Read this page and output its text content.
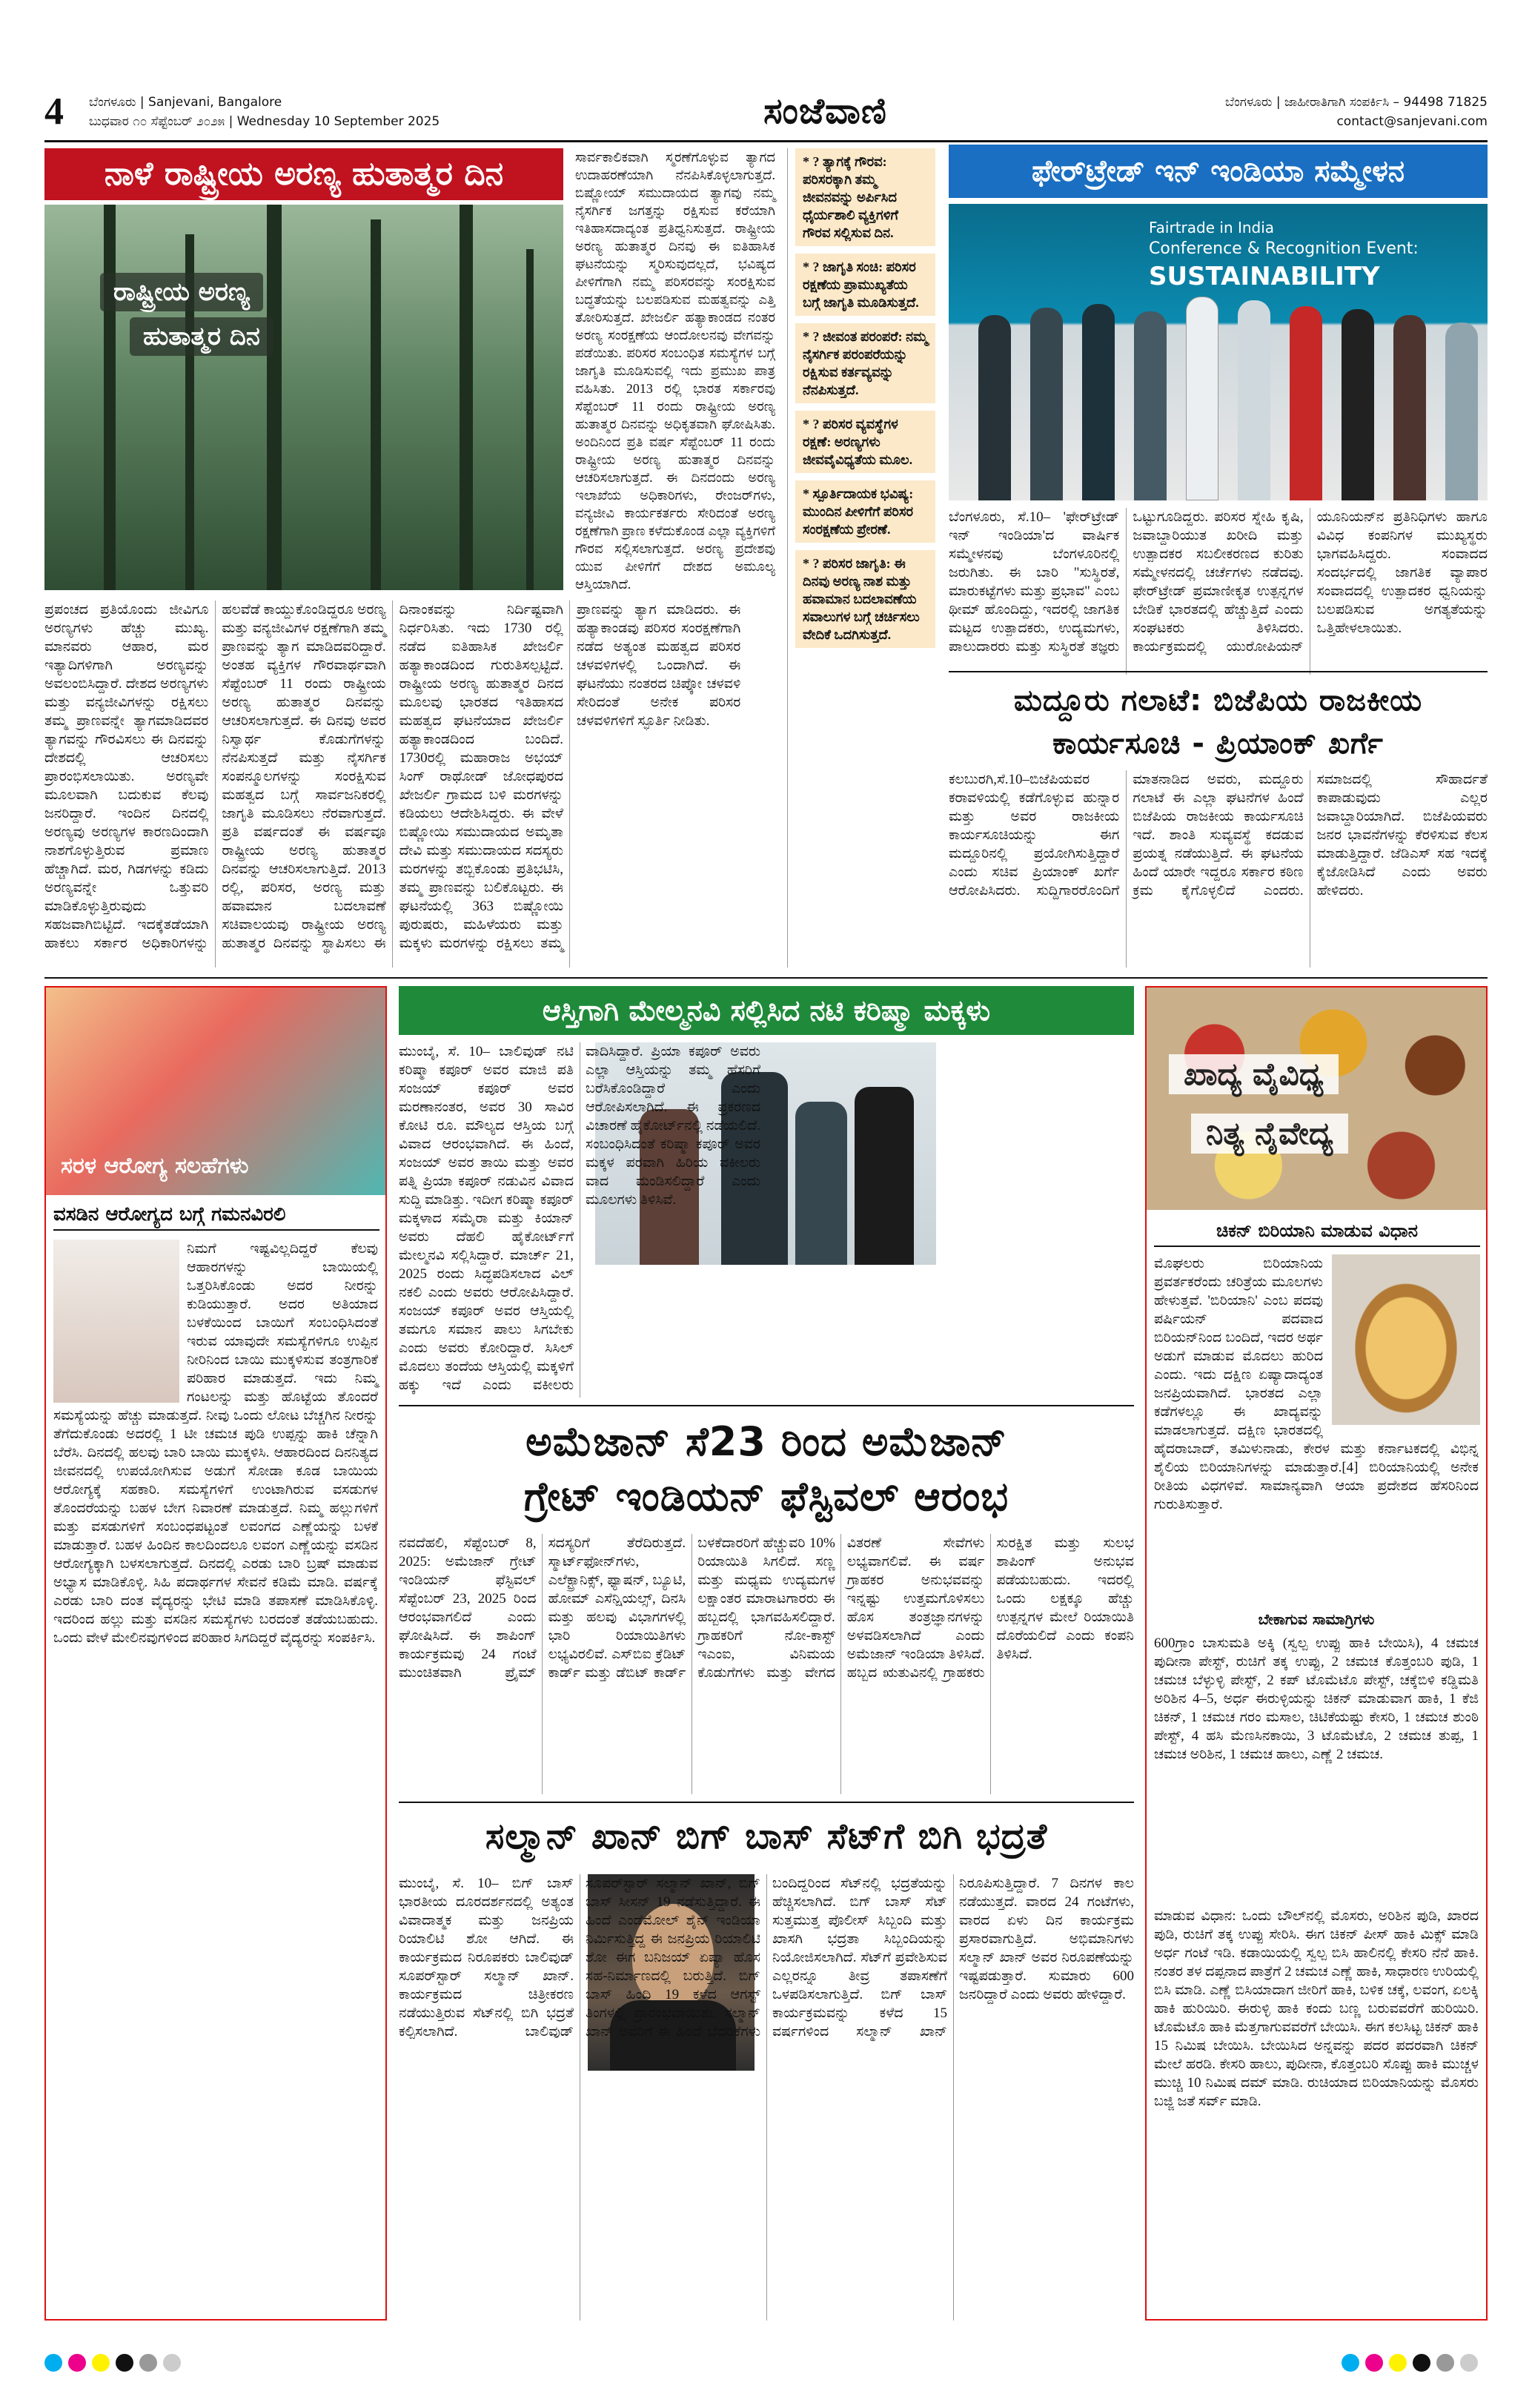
4	ಬೆಂಗಳೂರು | Sanjevani, Bangalore
ಬುಧವಾರ ೧೦ ಸೆಪ್ಟೆಂಬರ್ ೨೦೨೫ | Wednesday 10 September 2025	ಸಂಜೆವಾಣಿ	ಬೆಂಗಳೂರು | ಜಾಹೀರಾತಿಗಾಗಿ ಸಂಪರ್ಕಿಸಿ – 94498 71825
contact@sanjevani.com
ನಾಳೆ ರಾಷ್ಟ್ರೀಯ ಅರಣ್ಯ ಹುತಾತ್ಮರ ದಿನ
ರಾಷ್ಟ್ರೀಯ ಅರಣ್ಯ
ಹುತಾತ್ಮರ ದಿನ
ಪ್ರಪಂಚದ ಪ್ರತಿಯೊಂದು ಜೀವಿಗೂ ಅರಣ್ಯಗಳು ಹೆಚ್ಚು ಮುಖ್ಯ. ಮಾನವರು ಆಹಾರ, ಮರ ಇತ್ಯಾದಿಗಳಿಗಾಗಿ ಅರಣ್ಯವನ್ನು ಅವಲಂಬಿಸಿದ್ದಾರೆ. ದೇಶದ ಅರಣ್ಯಗಳು ಮತ್ತು ವನ್ಯಜೀವಿಗಳನ್ನು ರಕ್ಷಿಸಲು ತಮ್ಮ ಪ್ರಾಣವನ್ನೇ ತ್ಯಾಗಮಾಡಿದವರ ತ್ಯಾಗವನ್ನು ಗೌರವಿಸಲು ಈ ದಿನವನ್ನು ದೇಶದಲ್ಲಿ ಆಚರಿಸಲು ಪ್ರಾರಂಭಿಸಲಾಯಿತು. ಅರಣ್ಯವೇ ಮೂಲವಾಗಿ ಬದುಕುವ ಕೆಲವು ಜನರಿದ್ದಾರೆ. ಇಂದಿನ ದಿನದಲ್ಲಿ ಅರಣ್ಯವು ಅರಣ್ಯಗಳ ಕಾರಣದಿಂದಾಗಿ ನಾಶಗೊಳ್ಳುತ್ತಿರುವ ಪ್ರಮಾಣ ಹೆಚ್ಚಾಗಿದೆ. ಮರ, ಗಿಡಗಳನ್ನು ಕಡಿದು ಅರಣ್ಯವನ್ನೇ ಒತ್ತುವರಿ ಮಾಡಿಕೊಳ್ಳುತ್ತಿರುವುದು ಸಹಜವಾಗಿಬಿಟ್ಟಿದೆ. ಇದಕ್ಕೆತಡೆಯಾಗಿ ಹಾಕಲು ಸರ್ಕಾರ ಅಧಿಕಾರಿಗಳನ್ನು ಹಲವೆಡೆ ಕಾಯ್ದುಕೊಂಡಿದ್ದರೂ ಅರಣ್ಯ ಮತ್ತು ವನ್ಯಜೀವಿಗಳ ರಕ್ಷಣೆಗಾಗಿ ತಮ್ಮ ಪ್ರಾಣವನ್ನು ತ್ಯಾಗ ಮಾಡಿದವರಿದ್ದಾರೆ. ಅಂತಹ ವ್ಯಕ್ತಿಗಳ ಗೌರವಾರ್ಥವಾಗಿ ಸೆಪ್ಟೆಂಬರ್ 11 ರಂದು ರಾಷ್ಟ್ರೀಯ ಅರಣ್ಯ ಹುತಾತ್ಮರ ದಿನವನ್ನು ಆಚರಿಸಲಾಗುತ್ತದೆ. ಈ ದಿನವು ಅವರ ನಿಸ್ವಾರ್ಥ ಕೊಡುಗೆಗಳನ್ನು ನೆನಪಿಸುತ್ತದೆ ಮತ್ತು ನೈಸರ್ಗಿಕ ಸಂಪನ್ಮೂಲಗಳನ್ನು ಸಂರಕ್ಷಿಸುವ ಮಹತ್ವದ ಬಗ್ಗೆ ಸಾರ್ವಜನಿಕರಲ್ಲಿ ಜಾಗೃತಿ ಮೂಡಿಸಲು ನೆರವಾಗುತ್ತದೆ. ಪ್ರತಿ ವರ್ಷದಂತೆ ಈ ವರ್ಷವೂ ರಾಷ್ಟ್ರೀಯ ಅರಣ್ಯ ಹುತಾತ್ಮರ ದಿನವನ್ನು ಆಚರಿಸಲಾಗುತ್ತಿದೆ. 2013 ರಲ್ಲಿ, ಪರಿಸರ, ಅರಣ್ಯ ಮತ್ತು ಹವಾಮಾನ ಬದಲಾವಣೆ ಸಚಿವಾಲಯವು ರಾಷ್ಟ್ರೀಯ ಅರಣ್ಯ ಹುತಾತ್ಮರ ದಿನವನ್ನು ಸ್ಥಾಪಿಸಲು ಈ ದಿನಾಂಕವನ್ನು ನಿರ್ದಿಷ್ಟವಾಗಿ ನಿರ್ಧರಿಸಿತು. ಇದು 1730 ರಲ್ಲಿ ನಡೆದ ಐತಿಹಾಸಿಕ ಖೇಜರ್ಲಿ ಹತ್ಯಾಕಾಂಡದಿಂದ ಗುರುತಿಸಲ್ಪಟ್ಟಿದೆ. ರಾಷ್ಟ್ರೀಯ ಅರಣ್ಯ ಹುತಾತ್ಮರ ದಿನದ ಮೂಲವು ಭಾರತದ ಇತಿಹಾಸದ ಮಹತ್ವದ ಘಟನೆಯಾದ ಖೇಜರ್ಲಿ ಹತ್ಯಾಕಾಂಡದಿಂದ ಬಂದಿದೆ. 1730ರಲ್ಲಿ ಮಹಾರಾಜ ಅಭಯ್ ಸಿಂಗ್ ರಾಥೋಡ್ ಜೋಧಪುರದ ಖೇಜರ್ಲಿ ಗ್ರಾಮದ ಬಳಿ ಮರಗಳನ್ನು ಕಡಿಯಲು ಆದೇಶಿಸಿದ್ದರು. ಈ ವೇಳೆ ಬಿಷ್ಣೋಯಿ ಸಮುದಾಯದ ಅಮೃತಾ ದೇವಿ ಮತ್ತು ಸಮುದಾಯದ ಸದಸ್ಯರು ಮರಗಳನ್ನು ತಬ್ಬಿಕೊಂಡು ಪ್ರತಿಭಟಿಸಿ, ತಮ್ಮ ಪ್ರಾಣವನ್ನು ಬಲಿಕೊಟ್ಟರು. ಈ ಘಟನೆಯಲ್ಲಿ 363 ಬಿಷ್ಣೋಯಿ ಪುರುಷರು, ಮಹಿಳೆಯರು ಮತ್ತು ಮಕ್ಕಳು ಮರಗಳನ್ನು ರಕ್ಷಿಸಲು ತಮ್ಮ ಪ್ರಾಣವನ್ನು ತ್ಯಾಗ ಮಾಡಿದರು. ಈ ಹತ್ಯಾಕಾಂಡವು ಪರಿಸರ ಸಂರಕ್ಷಣೆಗಾಗಿ ನಡೆದ ಅತ್ಯಂತ ಮಹತ್ವದ ಪರಿಸರ ಚಳವಳಿಗಳಲ್ಲಿ ಒಂದಾಗಿದೆ. ಈ ಘಟನೆಯು ನಂತರದ ಚಿಪ್ಕೋ ಚಳವಳಿ ಸೇರಿದಂತೆ ಅನೇಕ ಪರಿಸರ ಚಳವಳಿಗಳಿಗೆ ಸ್ಫೂರ್ತಿ ನೀಡಿತು.
ಸಾರ್ವಕಾಲಿಕವಾಗಿ ಸ್ಮರಣೆಗೊಳ್ಳುವ ತ್ಯಾಗದ ಉದಾಹರಣೆಯಾಗಿ ನೆನಪಿಸಿಕೊಳ್ಳಲಾಗುತ್ತದೆ. ಬಿಷ್ಣೋಯ್ ಸಮುದಾಯದ ತ್ಯಾಗವು ನಮ್ಮ ನೈಸರ್ಗಿಕ ಜಗತ್ತನ್ನು ರಕ್ಷಿಸುವ ಕರೆಯಾಗಿ ಇತಿಹಾಸದಾದ್ಯಂತ ಪ್ರತಿಧ್ವನಿಸುತ್ತದೆ. ರಾಷ್ಟ್ರೀಯ ಅರಣ್ಯ ಹುತಾತ್ಮರ ದಿನವು ಈ ಐತಿಹಾಸಿಕ ಘಟನೆಯನ್ನು ಸ್ಮರಿಸುವುದಲ್ಲದೆ, ಭವಿಷ್ಯದ ಪೀಳಿಗೆಗಾಗಿ ನಮ್ಮ ಪರಿಸರವನ್ನು ಸಂರಕ್ಷಿಸುವ ಬದ್ಧತೆಯನ್ನು ಬಲಪಡಿಸುವ ಮಹತ್ವವನ್ನು ಎತ್ತಿ ತೋರಿಸುತ್ತದೆ. ಖೇಜರ್ಲಿ ಹತ್ಯಾಕಾಂಡದ ನಂತರ ಅರಣ್ಯ ಸಂರಕ್ಷಣೆಯ ಆಂದೋಲನವು ವೇಗವನ್ನು ಪಡೆಯಿತು. ಪರಿಸರ ಸಂಬಂಧಿತ ಸಮಸ್ಯೆಗಳ ಬಗ್ಗೆ ಜಾಗೃತಿ ಮೂಡಿಸುವಲ್ಲಿ ಇದು ಪ್ರಮುಖ ಪಾತ್ರ ವಹಿಸಿತು. 2013 ರಲ್ಲಿ ಭಾರತ ಸರ್ಕಾರವು ಸೆಪ್ಟೆಂಬರ್ 11 ರಂದು ರಾಷ್ಟ್ರೀಯ ಅರಣ್ಯ ಹುತಾತ್ಮರ ದಿನವನ್ನು ಅಧಿಕೃತವಾಗಿ ಘೋಷಿಸಿತು. ಅಂದಿನಿಂದ ಪ್ರತಿ ವರ್ಷ ಸೆಪ್ಟೆಂಬರ್ 11 ರಂದು ರಾಷ್ಟ್ರೀಯ ಅರಣ್ಯ ಹುತಾತ್ಮರ ದಿನವನ್ನು ಆಚರಿಸಲಾಗುತ್ತದೆ. ಈ ದಿನದಂದು ಅರಣ್ಯ ಇಲಾಖೆಯ ಅಧಿಕಾರಿಗಳು, ರೇಂಜರ್‌ಗಳು, ವನ್ಯಜೀವಿ ಕಾರ್ಯಕರ್ತರು ಸೇರಿದಂತೆ ಅರಣ್ಯ ರಕ್ಷಣೆಗಾಗಿ ಪ್ರಾಣ ಕಳೆದುಕೊಂಡ ಎಲ್ಲಾ ವ್ಯಕ್ತಿಗಳಿಗೆ ಗೌರವ ಸಲ್ಲಿಸಲಾಗುತ್ತದೆ. ಅರಣ್ಯ ಪ್ರದೇಶವು ಯುವ ಪೀಳಿಗೆಗೆ ದೇಶದ ಅಮೂಲ್ಯ ಆಸ್ತಿಯಾಗಿದೆ.
* ? ತ್ಯಾಗಕ್ಕೆ ಗೌರವ: ಪರಿಸರಕ್ಕಾಗಿ ತಮ್ಮ ಜೀವನವನ್ನು ಅರ್ಪಿಸಿದ ಧೈರ್ಯಶಾಲಿ ವ್ಯಕ್ತಿಗಳಿಗೆ ಗೌರವ ಸಲ್ಲಿಸುವ ದಿನ.
* ? ಜಾಗೃತಿ ಸಂಚಿ: ಪರಿಸರ ರಕ್ಷಣೆಯ ಪ್ರಾಮುಖ್ಯತೆಯ ಬಗ್ಗೆ ಜಾಗೃತಿ ಮೂಡಿಸುತ್ತದೆ.
* ? ಜೀವಂತ ಪರಂಪರೆ: ನಮ್ಮ ನೈಸರ್ಗಿಕ ಪರಂಪರೆಯನ್ನು ರಕ್ಷಿಸುವ ಕರ್ತವ್ಯವನ್ನು ನೆನಪಿಸುತ್ತದೆ.
* ? ಪರಿಸರ ವ್ಯವಸ್ಥೆಗಳ ರಕ್ಷಣೆ: ಅರಣ್ಯಗಳು ಜೀವವೈವಿಧ್ಯತೆಯ ಮೂಲ.
* ಸ್ಪೂರ್ತಿದಾಯಕ ಭವಿಷ್ಯ: ಮುಂದಿನ ಪೀಳಿಗೆಗೆ ಪರಿಸರ ಸಂರಕ್ಷಣೆಯ ಪ್ರೇರಣೆ.
* ? ಪರಿಸರ ಜಾಗೃತಿ: ಈ ದಿನವು ಅರಣ್ಯ ನಾಶ ಮತ್ತು ಹವಾಮಾನ ಬದಲಾವಣೆಯ ಸವಾಲುಗಳ ಬಗ್ಗೆ ಚರ್ಚಿಸಲು ವೇದಿಕೆ ಒದಗಿಸುತ್ತದೆ.
ಫೇರ್‌ಟ್ರೇಡ್ ಇನ್ ಇಂಡಿಯಾ ಸಮ್ಮೇಳನ
Fairtrade in India
Conference & Recognition Event:
SUSTAINABILITY
ಬೆಂಗಳೂರು, ಸೆ.10– 'ಫೇರ್‌ಟ್ರೇಡ್ ಇನ್ ಇಂಡಿಯಾ'ದ ವಾರ್ಷಿಕ ಸಮ್ಮೇಳನವು ಬೆಂಗಳೂರಿನಲ್ಲಿ ಜರುಗಿತು. ಈ ಬಾರಿ "ಸುಸ್ಥಿರತೆ, ಮಾರುಕಟ್ಟೆಗಳು ಮತ್ತು ಪ್ರಭಾವ" ಎಂಬ ಥೀಮ್ ಹೊಂದಿದ್ದು, ಇದರಲ್ಲಿ ಜಾಗತಿಕ ಮಟ್ಟದ ಉತ್ಪಾದಕರು, ಉದ್ಯಮಗಳು, ಪಾಲುದಾರರು ಮತ್ತು ಸುಸ್ಥಿರತೆ ತಜ್ಞರು ಒಟ್ಟುಗೂಡಿದ್ದರು. ಪರಿಸರ ಸ್ನೇಹಿ ಕೃಷಿ, ಜವಾಬ್ದಾರಿಯುತ ಖರೀದಿ ಮತ್ತು ಉತ್ಪಾದಕರ ಸಬಲೀಕರಣದ ಕುರಿತು ಸಮ್ಮೇಳನದಲ್ಲಿ ಚರ್ಚೆಗಳು ನಡೆದವು. ಫೇರ್‌ಟ್ರೇಡ್ ಪ್ರಮಾಣೀಕೃತ ಉತ್ಪನ್ನಗಳ ಬೇಡಿಕೆ ಭಾರತದಲ್ಲಿ ಹೆಚ್ಚುತ್ತಿದೆ ಎಂದು ಸಂಘಟಕರು ತಿಳಿಸಿದರು. ಕಾರ್ಯಕ್ರಮದಲ್ಲಿ ಯುರೋಪಿಯನ್ ಯೂನಿಯನ್‌ನ ಪ್ರತಿನಿಧಿಗಳು ಹಾಗೂ ವಿವಿಧ ಕಂಪನಿಗಳ ಮುಖ್ಯಸ್ಥರು ಭಾಗವಹಿಸಿದ್ದರು. ಸಂವಾದದ ಸಂದರ್ಭದಲ್ಲಿ ಜಾಗತಿಕ ವ್ಯಾಪಾರ ಸಂವಾದದಲ್ಲಿ ಉತ್ಪಾದಕರ ಧ್ವನಿಯನ್ನು ಬಲಪಡಿಸುವ ಅಗತ್ಯತೆಯನ್ನು ಒತ್ತಿಹೇಳಲಾಯಿತು.
ಮದ್ದೂರು ಗಲಾಟೆ: ಬಿಜೆಪಿಯ ರಾಜಕೀಯ
ಕಾರ್ಯಸೂಚಿ - ಪ್ರಿಯಾಂಕ್ ಖರ್ಗೆ
ಕಲಬುರಗಿ,ಸೆ.10–ಬಿಜೆಪಿಯವರ ಕರಾವಳಿಯಲ್ಲಿ ಕಡೆಗೊಳ್ಳುವ ಹುನ್ನಾರ ಮತ್ತು ಅವರ ರಾಜಕೀಯ ಕಾರ್ಯಸೂಚಿಯನ್ನು ಈಗ ಮದ್ದೂರಿನಲ್ಲಿ ಪ್ರಯೋಗಿಸುತ್ತಿದ್ದಾರೆ ಎಂದು ಸಚಿವ ಪ್ರಿಯಾಂಕ್ ಖರ್ಗೆ ಆರೋಪಿಸಿದರು. ಸುದ್ದಿಗಾರರೊಂದಿಗೆ ಮಾತನಾಡಿದ ಅವರು, ಮದ್ದೂರು ಗಲಾಟೆ ಈ ಎಲ್ಲಾ ಘಟನೆಗಳ ಹಿಂದೆ ಬಿಜೆಪಿಯ ರಾಜಕೀಯ ಕಾರ್ಯಸೂಚಿ ಇದೆ. ಶಾಂತಿ ಸುವ್ಯವಸ್ಥೆ ಕದಡುವ ಪ್ರಯತ್ನ ನಡೆಯುತ್ತಿದೆ. ಈ ಘಟನೆಯ ಹಿಂದೆ ಯಾರೇ ಇದ್ದರೂ ಸರ್ಕಾರ ಕಠಿಣ ಕ್ರಮ ಕೈಗೊಳ್ಳಲಿದೆ ಎಂದರು. ಸಮಾಜದಲ್ಲಿ ಸೌಹಾರ್ದತೆ ಕಾಪಾಡುವುದು ಎಲ್ಲರ ಜವಾಬ್ದಾರಿಯಾಗಿದೆ. ಬಿಜೆಪಿಯವರು ಜನರ ಭಾವನೆಗಳನ್ನು ಕೆರಳಿಸುವ ಕೆಲಸ ಮಾಡುತ್ತಿದ್ದಾರೆ. ಜೆಡಿಎಸ್ ಸಹ ಇದಕ್ಕೆ ಕೈಜೋಡಿಸಿದೆ ಎಂದು ಅವರು ಹೇಳಿದರು.
ಸರಳ ಆರೋಗ್ಯ ಸಲಹೆಗಳು
ವಸಡಿನ ಆರೋಗ್ಯದ ಬಗ್ಗೆ ಗಮನವಿರಲಿ
ನಿಮಗೆ ಇಷ್ಟವಿಲ್ಲದಿದ್ದರೆ ಕೆಲವು ಆಹಾರಗಳನ್ನು ಬಾಯಿಯಲ್ಲಿ ಒತ್ತರಿಸಿಕೊಂಡು ಅದರ ನೀರನ್ನು ಕುಡಿಯುತ್ತಾರೆ. ಅದರ ಅತಿಯಾದ ಬಳಕೆಯಿಂದ ಬಾಯಿಗೆ ಸಂಬಂಧಿಸಿದಂತೆ ಇರುವ ಯಾವುದೇ ಸಮಸ್ಯೆಗಳಿಗೂ ಉಪ್ಪಿನ ನೀರಿನಿಂದ ಬಾಯಿ ಮುಕ್ಕಳಿಸುವ ತಂತ್ರಗಾರಿಕೆ ಪರಿಹಾರ ಮಾಡುತ್ತದೆ. ಇದು ನಿಮ್ಮ ಗಂಟಲನ್ನು ಮತ್ತು ಹೊಟ್ಟೆಯ ತೊಂದರೆ ಸಮಸ್ಯೆಯನ್ನು ಹೆಚ್ಚು ಮಾಡುತ್ತದೆ. ನೀವು ಒಂದು ಲೋಟ ಬೆಚ್ಚಗಿನ ನೀರನ್ನು ತೆಗೆದುಕೊಂಡು ಅದರಲ್ಲಿ 1 ಟೀ ಚಮಚ ಪುಡಿ ಉಪ್ಪನ್ನು ಹಾಕಿ ಚೆನ್ನಾಗಿ ಬೆರೆಸಿ. ದಿನದಲ್ಲಿ ಹಲವು ಬಾರಿ ಬಾಯಿ ಮುಕ್ಕಳಿಸಿ. ಆಹಾರದಿಂದ ದಿನನಿತ್ಯದ ಜೀವನದಲ್ಲಿ ಉಪಯೋಗಿಸುವ ಅಡುಗೆ ಸೋಡಾ ಕೂಡ ಬಾಯಿಯ ಆರೋಗ್ಯಕ್ಕೆ ಸಹಕಾರಿ. ಸಮಸ್ಯೆಗಳಿಗೆ ಉಂಟಾಗಿರುವ ವಸಡುಗಳ ತೊಂದರೆಯನ್ನು ಬಹಳ ಬೇಗ ನಿವಾರಣೆ ಮಾಡುತ್ತದೆ. ನಿಮ್ಮ ಹಲ್ಲುಗಳಿಗೆ ಮತ್ತು ವಸಡುಗಳಿಗೆ ಸಂಬಂಧಪಟ್ಟಂತೆ ಲವಂಗದ ಎಣ್ಣೆಯನ್ನು ಬಳಕೆ ಮಾಡುತ್ತಾರೆ. ಬಹಳ ಹಿಂದಿನ ಕಾಲದಿಂದಲೂ ಲವಂಗ ಎಣ್ಣೆಯನ್ನು ವಸಡಿನ ಆರೋಗ್ಯಕ್ಕಾಗಿ ಬಳಸಲಾಗುತ್ತದೆ. ದಿನದಲ್ಲಿ ಎರಡು ಬಾರಿ ಬ್ರಷ್ ಮಾಡುವ ಅಭ್ಯಾಸ ಮಾಡಿಕೊಳ್ಳಿ. ಸಿಹಿ ಪದಾರ್ಥಗಳ ಸೇವನೆ ಕಡಿಮೆ ಮಾಡಿ. ವರ್ಷಕ್ಕೆ ಎರಡು ಬಾರಿ ದಂತ ವೈದ್ಯರನ್ನು ಭೇಟಿ ಮಾಡಿ ತಪಾಸಣೆ ಮಾಡಿಸಿಕೊಳ್ಳಿ. ಇದರಿಂದ ಹಲ್ಲು ಮತ್ತು ವಸಡಿನ ಸಮಸ್ಯೆಗಳು ಬರದಂತೆ ತಡೆಯಬಹುದು. ಒಂದು ವೇಳೆ ಮೇಲಿನವುಗಳಿಂದ ಪರಿಹಾರ ಸಿಗದಿದ್ದರೆ ವೈದ್ಯರನ್ನು ಸಂಪರ್ಕಿಸಿ.
ಆಸ್ತಿಗಾಗಿ ಮೇಲ್ಮನವಿ ಸಲ್ಲಿಸಿದ ನಟಿ ಕರಿಷ್ಮಾ ಮಕ್ಕಳು
ಮುಂಬೈ, ಸೆ. 10– ಬಾಲಿವುಡ್ ನಟಿ ಕರಿಷ್ಮಾ ಕಪೂರ್ ಅವರ ಮಾಜಿ ಪತಿ ಸಂಜಯ್ ಕಪೂರ್ ಅವರ ಮರಣಾನಂತರ, ಅವರ 30 ಸಾವಿರ ಕೋಟಿ ರೂ. ಮೌಲ್ಯದ ಆಸ್ತಿಯ ಬಗ್ಗೆ ವಿವಾದ ಆರಂಭವಾಗಿದೆ. ಈ ಹಿಂದೆ, ಸಂಜಯ್ ಅವರ ತಾಯಿ ಮತ್ತು ಅವರ ಪತ್ನಿ ಪ್ರಿಯಾ ಕಪೂರ್ ನಡುವಿನ ವಿವಾದ ಸುದ್ದಿ ಮಾಡಿತ್ತು. ಇದೀಗ ಕರಿಷ್ಮಾ ಕಪೂರ್ ಮಕ್ಕಳಾದ ಸಮೈರಾ ಮತ್ತು ಕಿಯಾನ್ ಅವರು ದೆಹಲಿ ಹೈಕೋರ್ಟ್‌ಗೆ ಮೇಲ್ಮನವಿ ಸಲ್ಲಿಸಿದ್ದಾರೆ. ಮಾರ್ಚ್ 21, 2025 ರಂದು ಸಿದ್ಧಪಡಿಸಲಾದ ವಿಲ್ ನಕಲಿ ಎಂದು ಅವರು ಆರೋಪಿಸಿದ್ದಾರೆ. ಸಂಜಯ್ ಕಪೂರ್ ಅವರ ಆಸ್ತಿಯಲ್ಲಿ ತಮಗೂ ಸಮಾನ ಪಾಲು ಸಿಗಬೇಕು ಎಂದು ಅವರು ಕೋರಿದ್ದಾರೆ. ಸಿಸಿಲ್ ಮೊದಲು ತಂದೆಯ ಆಸ್ತಿಯಲ್ಲಿ ಮಕ್ಕಳಿಗೆ ಹಕ್ಕು ಇದೆ ಎಂದು ವಕೀಲರು ವಾದಿಸಿದ್ದಾರೆ. ಪ್ರಿಯಾ ಕಪೂರ್ ಅವರು ಎಲ್ಲಾ ಆಸ್ತಿಯನ್ನು ತಮ್ಮ ಹೆಸರಿಗೆ ಬರೆಸಿಕೊಂಡಿದ್ದಾರೆ ಎಂದು ಆರೋಪಿಸಲಾಗಿದೆ. ಈ ಪ್ರಕರಣದ ವಿಚಾರಣೆ ಹೈಕೋರ್ಟ್‌ನಲ್ಲಿ ನಡೆಯಲಿದೆ. ಸಂಬಂಧಿಸಿದಂತೆ ಕರಿಷ್ಮಾ ಕಪೂರ್ ಅವರ ಮಕ್ಕಳ ಪರವಾಗಿ ಹಿರಿಯ ವಕೀಲರು ವಾದ ಮಂಡಿಸಲಿದ್ದಾರೆ ಎಂದು ಮೂಲಗಳು ತಿಳಿಸಿವೆ.
ಖಾದ್ಯ ವೈವಿಧ್ಯ
ನಿತ್ಯ ನೈವೇದ್ಯ
ಚಿಕನ್ ಬಿರಿಯಾನಿ ಮಾಡುವ ವಿಧಾನ
ಮೊಘಲರು ಬಿರಿಯಾನಿಯ ಪ್ರವರ್ತಕರೆಂದು ಚರಿತ್ರೆಯ ಮೂಲಗಳು ಹೇಳುತ್ತವೆ. 'ಬಿರಿಯಾನಿ' ಎಂಬ ಪದವು ಪರ್ಷಿಯನ್ ಪದವಾದ ಬಿರಿಯನ್‌ನಿಂದ ಬಂದಿದೆ, ಇದರ ಅರ್ಥ ಅಡುಗೆ ಮಾಡುವ ಮೊದಲು ಹುರಿದ ಎಂದು. ಇದು ದಕ್ಷಿಣ ಏಷ್ಯಾದಾದ್ಯಂತ ಜನಪ್ರಿಯವಾಗಿದೆ. ಭಾರತದ ಎಲ್ಲಾ ಕಡೆಗಳಲ್ಲೂ ಈ ಖಾದ್ಯವನ್ನು ಮಾಡಲಾಗುತ್ತದೆ. ದಕ್ಷಿಣ ಭಾರತದಲ್ಲಿ ಹೈದರಾಬಾದ್, ತಮಿಳುನಾಡು, ಕೇರಳ ಮತ್ತು ಕರ್ನಾಟಕದಲ್ಲಿ ವಿಭಿನ್ನ ಶೈಲಿಯ ಬಿರಿಯಾನಿಗಳನ್ನು ಮಾಡುತ್ತಾರೆ.[4] ಬಿರಿಯಾನಿಯಲ್ಲಿ ಅನೇಕ ರೀತಿಯ ವಿಧಗಳಿವೆ. ಸಾಮಾನ್ಯವಾಗಿ ಆಯಾ ಪ್ರದೇಶದ ಹೆಸರಿನಿಂದ ಗುರುತಿಸುತ್ತಾರೆ.
ಬೇಕಾಗುವ ಸಾಮಾಗ್ರಿಗಳು
600ಗ್ರಾಂ ಬಾಸುಮತಿ ಅಕ್ಕಿ (ಸ್ವಲ್ಪ ಉಪ್ಪು ಹಾಕಿ ಬೇಯಿಸಿ), 4 ಚಮಚ ಪುದೀನಾ ಪೇಸ್ಟ್, ರುಚಿಗೆ ತಕ್ಕ ಉಪ್ಪು, 2 ಚಮಚ ಕೊತ್ತಂಬರಿ ಪುಡಿ, 1 ಚಮಚ ಬೆಳ್ಳುಳ್ಳಿ ಪೇಸ್ಟ್, 2 ಕಪ್ ಟೊಮೆಟೊ ಪೇಸ್ಟ್, ಚಕ್ಕೆಬಿಳಿ ಕಡ್ಡಿಮತಿ ಅರಿಶಿನ 4–5, ಅರ್ಧ ಈರುಳ್ಳಿಯನ್ನು ಚಿಕನ್ ಮಾಡುವಾಗ ಹಾಕಿ, 1 ಕೆಜಿ ಚಿಕನ್, 1 ಚಮಚ ಗರಂ ಮಸಾಲ, ಚಿಟಿಕೆಯಷ್ಟು ಕೇಸರಿ, 1 ಚಮಚ ಶುಂಠಿ ಪೇಸ್ಟ್, 4 ಹಸಿ ಮೆಣಸಿನಕಾಯಿ, 3 ಟೊಮೆಟೊ, 2 ಚಮಚ ತುಪ್ಪ, 1 ಚಮಚ ಅರಿಶಿನ, 1 ಚಮಚ ಹಾಲು, ಎಣ್ಣೆ 2 ಚಮಚ.
ಮಾಡುವ ವಿಧಾನ: ಒಂದು ಬೌಲ್‌ನಲ್ಲಿ ಮೊಸರು, ಅರಿಶಿನ ಪುಡಿ, ಖಾರದ ಪುಡಿ, ರುಚಿಗೆ ತಕ್ಕ ಉಪ್ಪು ಸೇರಿಸಿ. ಈಗ ಚಿಕನ್ ಪೀಸ್ ಹಾಕಿ ಮಿಕ್ಸ್ ಮಾಡಿ ಅರ್ಧ ಗಂಟೆ ಇಡಿ. ಕಡಾಯಿಯಲ್ಲಿ ಸ್ವಲ್ಪ ಬಿಸಿ ಹಾಲಿನಲ್ಲಿ ಕೇಸರಿ ನೆನೆ ಹಾಕಿ. ನಂತರ ತಳ ದಪ್ಪನಾದ ಪಾತ್ರೆಗೆ 2 ಚಮಚ ಎಣ್ಣೆ ಹಾಕಿ, ಸಾಧಾರಣ ಉರಿಯಲ್ಲಿ ಬಿಸಿ ಮಾಡಿ. ಎಣ್ಣೆ ಬಿಸಿಯಾದಾಗ ಜೀರಿಗೆ ಹಾಕಿ, ಬಳಿಕ ಚಕ್ಕೆ, ಲವಂಗ, ಏಲಕ್ಕಿ ಹಾಕಿ ಹುರಿಯಿರಿ. ಈರುಳ್ಳಿ ಹಾಕಿ ಕಂದು ಬಣ್ಣ ಬರುವವರೆಗೆ ಹುರಿಯಿರಿ. ಟೊಮೆಟೊ ಹಾಕಿ ಮೆತ್ತಗಾಗುವವರೆಗೆ ಬೇಯಿಸಿ. ಈಗ ಕಲಸಿಟ್ಟ ಚಿಕನ್ ಹಾಕಿ 15 ನಿಮಿಷ ಬೇಯಿಸಿ. ಬೇಯಿಸಿದ ಅನ್ನವನ್ನು ಪದರ ಪದರವಾಗಿ ಚಿಕನ್ ಮೇಲೆ ಹರಡಿ. ಕೇಸರಿ ಹಾಲು, ಪುದೀನಾ, ಕೊತ್ತಂಬರಿ ಸೊಪ್ಪು ಹಾಕಿ ಮುಚ್ಚಳ ಮುಚ್ಚಿ 10 ನಿಮಿಷ ದಮ್ ಮಾಡಿ. ರುಚಿಯಾದ ಬಿರಿಯಾನಿಯನ್ನು ಮೊಸರು ಬಜ್ಜಿ ಜತೆ ಸರ್ವ್ ಮಾಡಿ.
ಅಮೆಜಾನ್ ಸೆ23 ರಿಂದ ಅಮೆಜಾನ್
ಗ್ರೇಟ್ ಇಂಡಿಯನ್ ಫೆಸ್ಟಿವಲ್ ಆರಂಭ
ನವದೆಹಲಿ, ಸೆಪ್ಟೆಂಬರ್ 8, 2025: ಅಮೆಜಾನ್ ಗ್ರೇಟ್ ಇಂಡಿಯನ್ ಫೆಸ್ಟಿವಲ್ ಸೆಪ್ಟೆಂಬರ್ 23, 2025 ರಿಂದ ಆರಂಭವಾಗಲಿದೆ ಎಂದು ಘೋಷಿಸಿದೆ. ಈ ಶಾಪಿಂಗ್ ಕಾರ್ಯಕ್ರಮವು 24 ಗಂಟೆ ಮುಂಚಿತವಾಗಿ ಪ್ರೈಮ್ ಸದಸ್ಯರಿಗೆ ತೆರೆದಿರುತ್ತದೆ. ಸ್ಮಾರ್ಟ್‌ಫೋನ್‌ಗಳು, ಎಲೆಕ್ಟ್ರಾನಿಕ್ಸ್, ಫ್ಯಾಷನ್, ಬ್ಯೂಟಿ, ಹೋಮ್ ಎಸೆನ್ಷಿಯಲ್ಸ್, ದಿನಸಿ ಮತ್ತು ಹಲವು ವಿಭಾಗಗಳಲ್ಲಿ ಭಾರಿ ರಿಯಾಯಿತಿಗಳು ಲಭ್ಯವಿರಲಿವೆ. ಎಸ್‌ಬಿಐ ಕ್ರೆಡಿಟ್ ಕಾರ್ಡ್ ಮತ್ತು ಡೆಬಿಟ್ ಕಾರ್ಡ್ ಬಳಕೆದಾರರಿಗೆ ಹೆಚ್ಚುವರಿ 10% ರಿಯಾಯಿತಿ ಸಿಗಲಿದೆ. ಸಣ್ಣ ಮತ್ತು ಮಧ್ಯಮ ಉದ್ಯಮಗಳ ಲಕ್ಷಾಂತರ ಮಾರಾಟಗಾರರು ಈ ಹಬ್ಬದಲ್ಲಿ ಭಾಗವಹಿಸಲಿದ್ದಾರೆ. ಗ್ರಾಹಕರಿಗೆ ನೋ-ಕಾಸ್ಟ್ ಇಎಂಐ, ವಿನಿಮಯ ಕೊಡುಗೆಗಳು ಮತ್ತು ವೇಗದ ವಿತರಣೆ ಸೇವೆಗಳು ಲಭ್ಯವಾಗಲಿವೆ. ಈ ವರ್ಷ ಗ್ರಾಹಕರ ಅನುಭವವನ್ನು ಇನ್ನಷ್ಟು ಉತ್ತಮಗೊಳಿಸಲು ಹೊಸ ತಂತ್ರಜ್ಞಾನಗಳನ್ನು ಅಳವಡಿಸಲಾಗಿದೆ ಎಂದು ಅಮೆಜಾನ್ ಇಂಡಿಯಾ ತಿಳಿಸಿದೆ. ಹಬ್ಬದ ಋತುವಿನಲ್ಲಿ ಗ್ರಾಹಕರು ಸುರಕ್ಷಿತ ಮತ್ತು ಸುಲಭ ಶಾಪಿಂಗ್ ಅನುಭವ ಪಡೆಯಬಹುದು. ಇದರಲ್ಲಿ ಒಂದು ಲಕ್ಷಕ್ಕೂ ಹೆಚ್ಚು ಉತ್ಪನ್ನಗಳ ಮೇಲೆ ರಿಯಾಯಿತಿ ದೊರೆಯಲಿದೆ ಎಂದು ಕಂಪನಿ ತಿಳಿಸಿದೆ.
ಸಲ್ಮಾನ್ ಖಾನ್ ಬಿಗ್ ಬಾಸ್ ಸೆಟ್‌ಗೆ ಬಿಗಿ ಭದ್ರತೆ
ಮುಂಬೈ, ಸೆ. 10– ಬಿಗ್ ಬಾಸ್ ಭಾರತೀಯ ದೂರದರ್ಶನದಲ್ಲಿ ಅತ್ಯಂತ ವಿವಾದಾತ್ಮಕ ಮತ್ತು ಜನಪ್ರಿಯ ರಿಯಾಲಿಟಿ ಶೋ ಆಗಿದೆ. ಈ ಕಾರ್ಯಕ್ರಮದ ನಿರೂಪಕರು ಬಾಲಿವುಡ್ ಸೂಪರ್‌ಸ್ಟಾರ್ ಸಲ್ಮಾನ್ ಖಾನ್. ಕಾರ್ಯಕ್ರಮದ ಚಿತ್ರೀಕರಣ ನಡೆಯುತ್ತಿರುವ ಸೆಟ್‌ನಲ್ಲಿ ಬಿಗಿ ಭದ್ರತೆ ಕಲ್ಪಿಸಲಾಗಿದೆ. ಬಾಲಿವುಡ್ ಸೂಪರ್‌ಸ್ಟಾರ್ ಸಲ್ಮಾನ್ ಖಾನ್, ಬಿಗ್ ಬಾಸ್ ಸೀಸನ್ 19 ನಡೆಸುತ್ತಿದ್ದಾರೆ. ಈ ಹಿಂದೆ ಎಂಡೆಮೋಲ್ ಶೈನ್ ಇಂಡಿಯಾ ನಿರ್ಮಿಸುತ್ತಿದ್ದ ಈ ಜನಪ್ರಿಯ ರಿಯಾಲಿಟಿ ಶೋ ಈಗ ಬನಿಜಯ್ ಏಷ್ಯಾ ಹೊಸ ಸಹ-ನಿರ್ಮಾಣದಲ್ಲಿ ಬರುತ್ತಿದೆ. ಬಿಗ್ ಬಾಸ್ ಹಿಂದಿ 19 ಕಳೆದ ಆಗಸ್ಟ್ ತಿಂಗಳಲ್ಲಿ ಪ್ರಾರಂಭವಾಯಿತು. ಸಲ್ಮಾನ್ ಖಾನ್ ಅವರಿಗೆ ಈ ಹಿಂದೆ ಬೆದರಿಕೆಗಳು ಬಂದಿದ್ದರಿಂದ ಸೆಟ್‌ನಲ್ಲಿ ಭದ್ರತೆಯನ್ನು ಹೆಚ್ಚಿಸಲಾಗಿದೆ. ಬಿಗ್ ಬಾಸ್ ಸೆಟ್ ಸುತ್ತಮುತ್ತ ಪೊಲೀಸ್ ಸಿಬ್ಬಂದಿ ಮತ್ತು ಖಾಸಗಿ ಭದ್ರತಾ ಸಿಬ್ಬಂದಿಯನ್ನು ನಿಯೋಜಿಸಲಾಗಿದೆ. ಸೆಟ್‌ಗೆ ಪ್ರವೇಶಿಸುವ ಎಲ್ಲರನ್ನೂ ತೀವ್ರ ತಪಾಸಣೆಗೆ ಒಳಪಡಿಸಲಾಗುತ್ತಿದೆ. ಬಿಗ್ ಬಾಸ್ ಕಾರ್ಯಕ್ರಮವನ್ನು ಕಳೆದ 15 ವರ್ಷಗಳಿಂದ ಸಲ್ಮಾನ್ ಖಾನ್ ನಿರೂಪಿಸುತ್ತಿದ್ದಾರೆ. 7 ದಿನಗಳ ಕಾಲ ನಡೆಯುತ್ತದೆ. ವಾರದ 24 ಗಂಟೆಗಳು, ವಾರದ ಏಳು ದಿನ ಕಾರ್ಯಕ್ರಮ ಪ್ರಸಾರವಾಗುತ್ತಿದೆ. ಅಭಿಮಾನಿಗಳು ಸಲ್ಮಾನ್ ಖಾನ್ ಅವರ ನಿರೂಪಣೆಯನ್ನು ಇಷ್ಟಪಡುತ್ತಾರೆ. ಸುಮಾರು 600 ಜನರಿದ್ದಾರೆ ಎಂದು ಅವರು ಹೇಳಿದ್ದಾರೆ.
